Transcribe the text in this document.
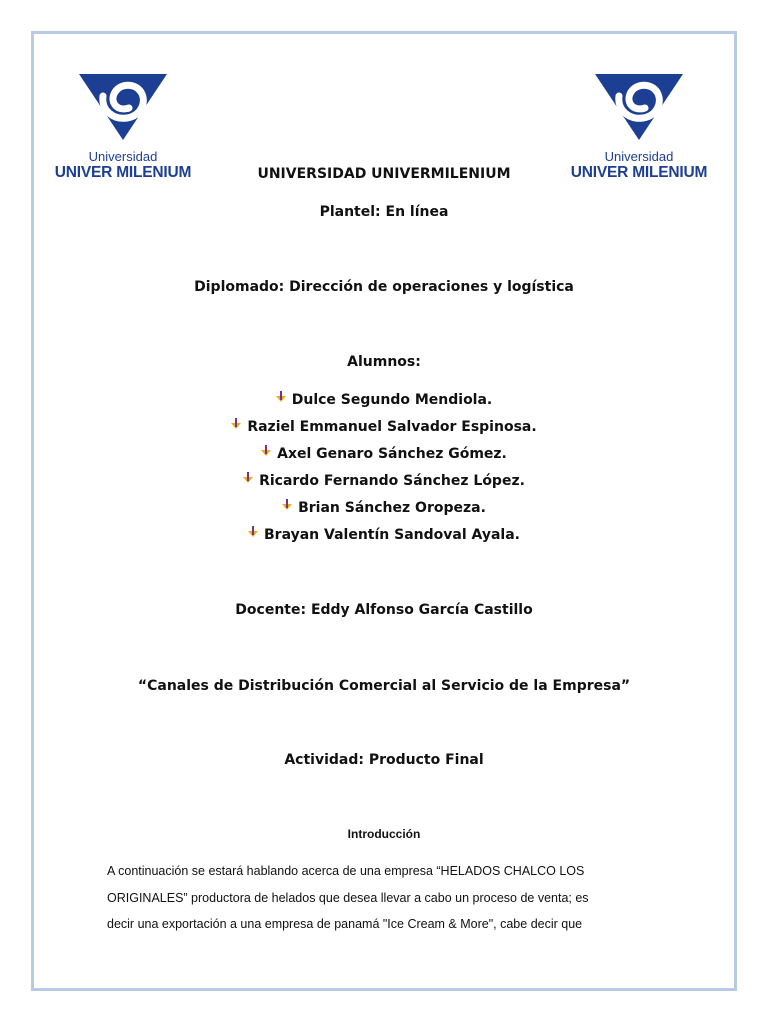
Universidad
UNIVER MILENIUM
Universidad
UNIVER MILENIUM
UNIVERSIDAD UNIVERMILENIUM
Plantel: En línea
Diplomado: Dirección de operaciones y logística
Alumnos:
Dulce Segundo Mendiola.
Raziel Emmanuel Salvador Espinosa.
Axel Genaro Sánchez Gómez.
Ricardo Fernando Sánchez López.
Brian Sánchez Oropeza.
Brayan Valentín Sandoval Ayala.
Docente: Eddy Alfonso García Castillo
“Canales de Distribución Comercial al Servicio de la Empresa”
Actividad: Producto Final
Introducción
A continuación se estará hablando acerca de una empresa “HELADOS CHALCO LOS
ORIGINALES” productora de helados que desea llevar a cabo un proceso de venta; es
decir una exportación a una empresa de panamá "Ice Cream & More", cabe decir que
